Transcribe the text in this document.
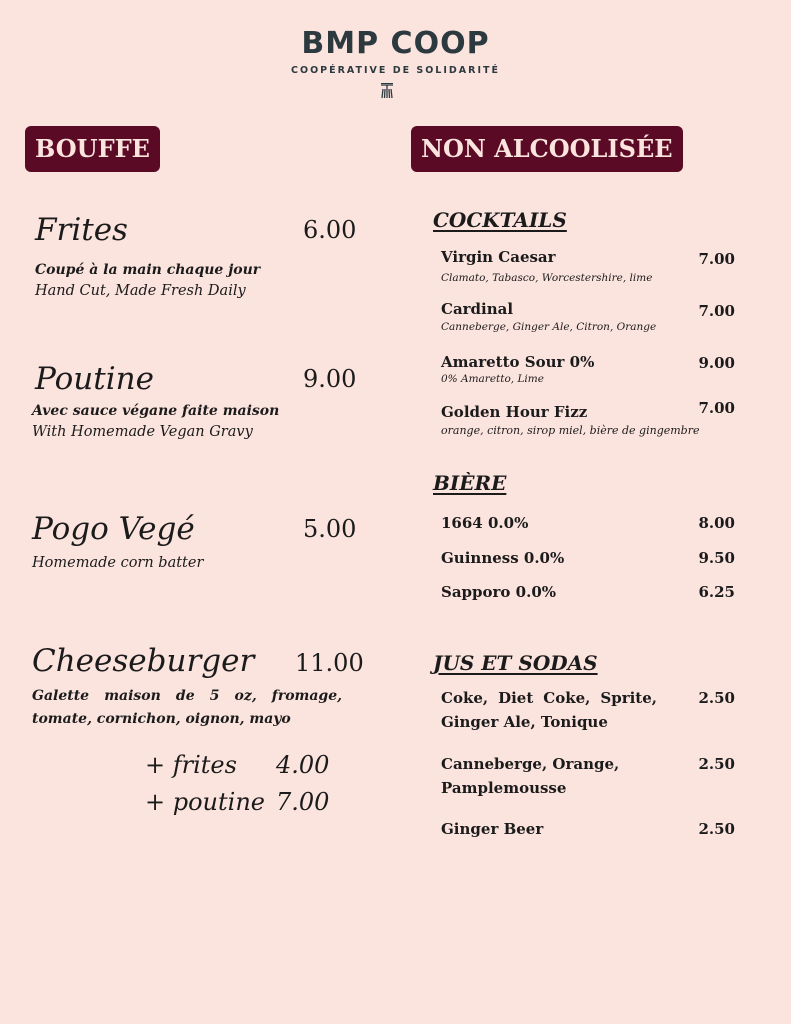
BMP COOP
COOPÉRATIVE DE SOLIDARITÉ
BOUFFE
Frites	6.00
Coupé à la main chaque jour
Hand Cut, Made Fresh Daily
Poutine	9.00
Avec sauce végane faite maison
With Homemade Vegan Gravy
Pogo Vegé	5.00
Homemade corn batter
Cheeseburger 11.00
Galette maison de 5 oz, fromage,
tomate, cornichon, oignon, mayo
+ frites 4.00
+ poutine 7.00
NON ALCOOLISÉE
COCKTAILS
Virgin Caesar	7.00
Clamato, Tabasco, Worcestershire, lime
Cardinal	7.00
Canneberge, Ginger Ale, Citron, Orange
Amaretto Sour 0%	9.00
0% Amaretto, Lime
Golden Hour Fizz	7.00
orange, citron, sirop miel, bière de gingembre
BIÈRE
1664 0.0%	8.00
Guinness 0.0%	9.50
Sapporo 0.0%	6.25
JUS ET SODAS
Coke, Diet Coke, Sprite,
Ginger Ale, Tonique
2.50
Canneberge, Orange,
Pamplemousse
2.50
Ginger Beer	2.50
